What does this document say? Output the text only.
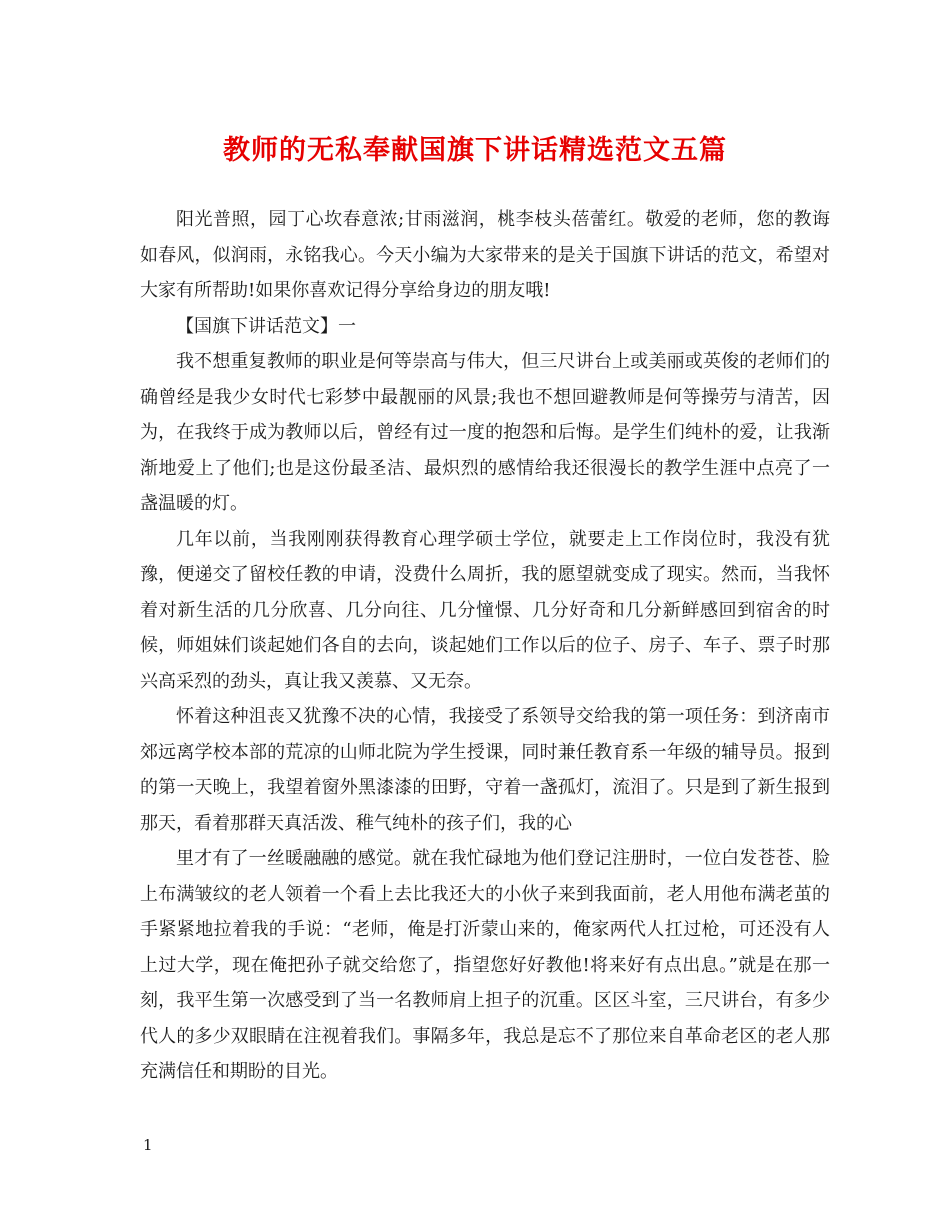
教师的无私奉献国旗下讲话精选范文五篇

阳光普照，园丁心坎春意浓;甘雨滋润，桃李枝头蓓蕾红。敬爱的老师，您的教诲如春风，似润雨，永铭我心。今天小编为大家带来的是关于国旗下讲话的范文，希望对大家有所帮助!如果你喜欢记得分享给身边的朋友哦!

【国旗下讲话范文】一

我不想重复教师的职业是何等崇高与伟大，但三尺讲台上或美丽或英俊的老师们的确曾经是我少女时代七彩梦中最靓丽的风景;我也不想回避教师是何等操劳与清苦，因为，在我终于成为教师以后，曾经有过一度的抱怨和后悔。是学生们纯朴的爱，让我渐渐地爱上了他们;也是这份最圣洁、最炽烈的感情给我还很漫长的教学生涯中点亮了一盏温暖的灯。

几年以前，当我刚刚获得教育心理学硕士学位，就要走上工作岗位时，我没有犹豫，便递交了留校任教的申请，没费什么周折，我的愿望就变成了现实。然而，当我怀着对新生活的几分欣喜、几分向往、几分憧憬、几分好奇和几分新鲜感回到宿舍的时候，师姐妹们谈起她们各自的去向，谈起她们工作以后的位子、房子、车子、票子时那兴高采烈的劲头，真让我又羡慕、又无奈。

怀着这种沮丧又犹豫不决的心情，我接受了系领导交给我的第一项任务：到济南市郊远离学校本部的荒凉的山师北院为学生授课，同时兼任教育系一年级的辅导员。报到的第一天晚上，我望着窗外黑漆漆的田野，守着一盏孤灯，流泪了。只是到了新生报到那天，看着那群天真活泼、稚气纯朴的孩子们，我的心

里才有了一丝暖融融的感觉。就在我忙碌地为他们登记注册时，一位白发苍苍、脸上布满皱纹的老人领着一个看上去比我还大的小伙子来到我面前，老人用他布满老茧的手紧紧地拉着我的手说：“老师，俺是打沂蒙山来的，俺家两代人扛过枪，可还没有人上过大学，现在俺把孙子就交给您了，指望您好好教他!将来好有点出息。”就是在那一刻，我平生第一次感受到了当一名教师肩上担子的沉重。区区斗室，三尺讲台，有多少代人的多少双眼睛在注视着我们。事隔多年，我总是忘不了那位来自革命老区的老人那充满信任和期盼的目光。

1
